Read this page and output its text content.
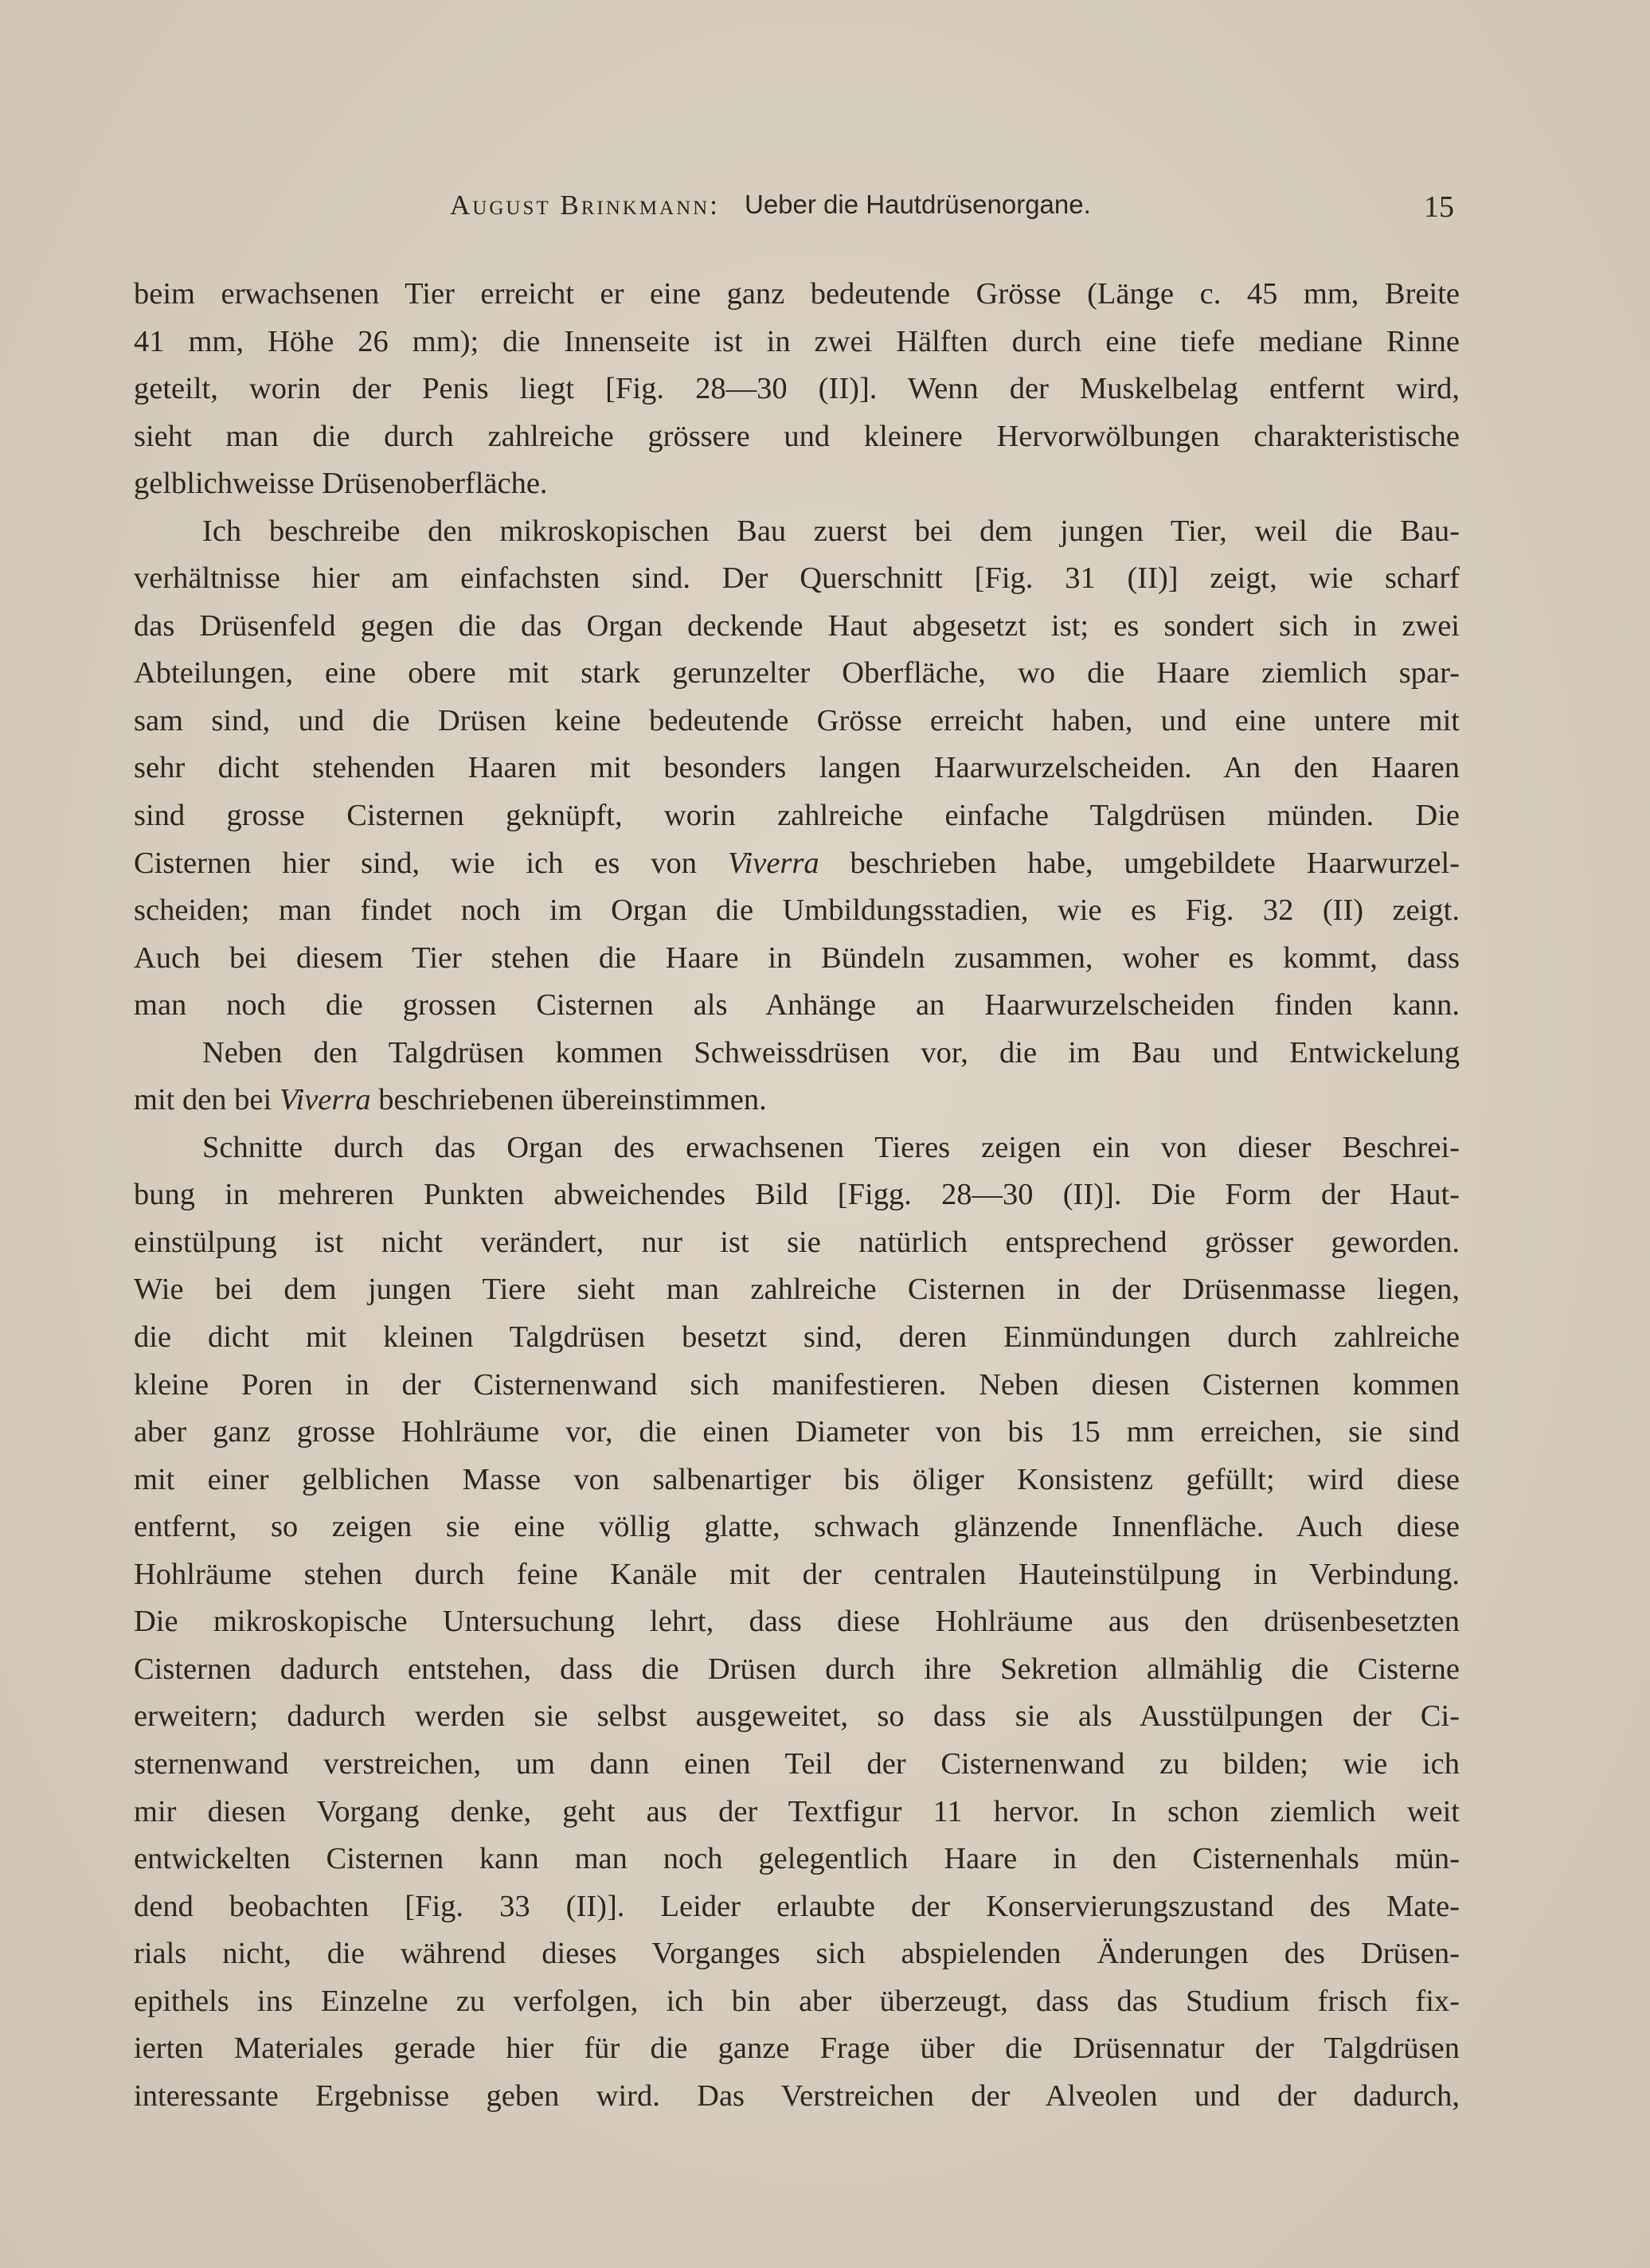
August Brinkmann: Ueber die Hautdrüsenorgane.	15
beim erwachsenen Tier erreicht er eine ganz bedeutende Grösse (Länge c. 45 mm, Breite
41 mm, Höhe 26 mm); die Innenseite ist in zwei Hälften durch eine tiefe mediane Rinne
geteilt, worin der Penis liegt [Fig. 28—30 (II)]. Wenn der Muskelbelag entfernt wird,
sieht man die durch zahlreiche grössere und kleinere Hervorwölbungen charakteristische
gelblichweisse Drüsenoberfläche.
Ich beschreibe den mikroskopischen Bau zuerst bei dem jungen Tier, weil die Bau-
verhältnisse hier am einfachsten sind. Der Querschnitt [Fig. 31 (II)] zeigt, wie scharf
das Drüsenfeld gegen die das Organ deckende Haut abgesetzt ist; es sondert sich in zwei
Abteilungen, eine obere mit stark gerunzelter Oberfläche, wo die Haare ziemlich spar-
sam sind, und die Drüsen keine bedeutende Grösse erreicht haben, und eine untere mit
sehr dicht stehenden Haaren mit besonders langen Haarwurzelscheiden. An den Haaren
sind grosse Cisternen geknüpft, worin zahlreiche einfache Talgdrüsen münden. Die
Cisternen hier sind, wie ich es von Viverra beschrieben habe, umgebildete Haarwurzel-
scheiden; man findet noch im Organ die Umbildungsstadien, wie es Fig. 32 (II) zeigt.
Auch bei diesem Tier stehen die Haare in Bündeln zusammen, woher es kommt, dass
man noch die grossen Cisternen als Anhänge an Haarwurzelscheiden finden kann.
Neben den Talgdrüsen kommen Schweissdrüsen vor, die im Bau und Entwickelung
mit den bei Viverra beschriebenen übereinstimmen.
Schnitte durch das Organ des erwachsenen Tieres zeigen ein von dieser Beschrei-
bung in mehreren Punkten abweichendes Bild [Figg. 28—30 (II)]. Die Form der Haut-
einstülpung ist nicht verändert, nur ist sie natürlich entsprechend grösser geworden.
Wie bei dem jungen Tiere sieht man zahlreiche Cisternen in der Drüsenmasse liegen,
die dicht mit kleinen Talgdrüsen besetzt sind, deren Einmündungen durch zahlreiche
kleine Poren in der Cisternenwand sich manifestieren. Neben diesen Cisternen kommen
aber ganz grosse Hohlräume vor, die einen Diameter von bis 15 mm erreichen, sie sind
mit einer gelblichen Masse von salbenartiger bis öliger Konsistenz gefüllt; wird diese
entfernt, so zeigen sie eine völlig glatte, schwach glänzende Innenfläche. Auch diese
Hohlräume stehen durch feine Kanäle mit der centralen Hauteinstülpung in Verbindung.
Die mikroskopische Untersuchung lehrt, dass diese Hohlräume aus den drüsenbesetzten
Cisternen dadurch entstehen, dass die Drüsen durch ihre Sekretion allmählig die Cisterne
erweitern; dadurch werden sie selbst ausgeweitet, so dass sie als Ausstülpungen der Ci-
sternenwand verstreichen, um dann einen Teil der Cisternenwand zu bilden; wie ich
mir diesen Vorgang denke, geht aus der Textfigur 11 hervor. In schon ziemlich weit
entwickelten Cisternen kann man noch gelegentlich Haare in den Cisternenhals mün-
dend beobachten [Fig. 33 (II)]. Leider erlaubte der Konservierungszustand des Mate-
rials nicht, die während dieses Vorganges sich abspielenden Änderungen des Drüsen-
epithels ins Einzelne zu verfolgen, ich bin aber überzeugt, dass das Studium frisch fix-
ierten Materiales gerade hier für die ganze Frage über die Drüsennatur der Talgdrüsen
interessante Ergebnisse geben wird. Das Verstreichen der Alveolen und der dadurch,
